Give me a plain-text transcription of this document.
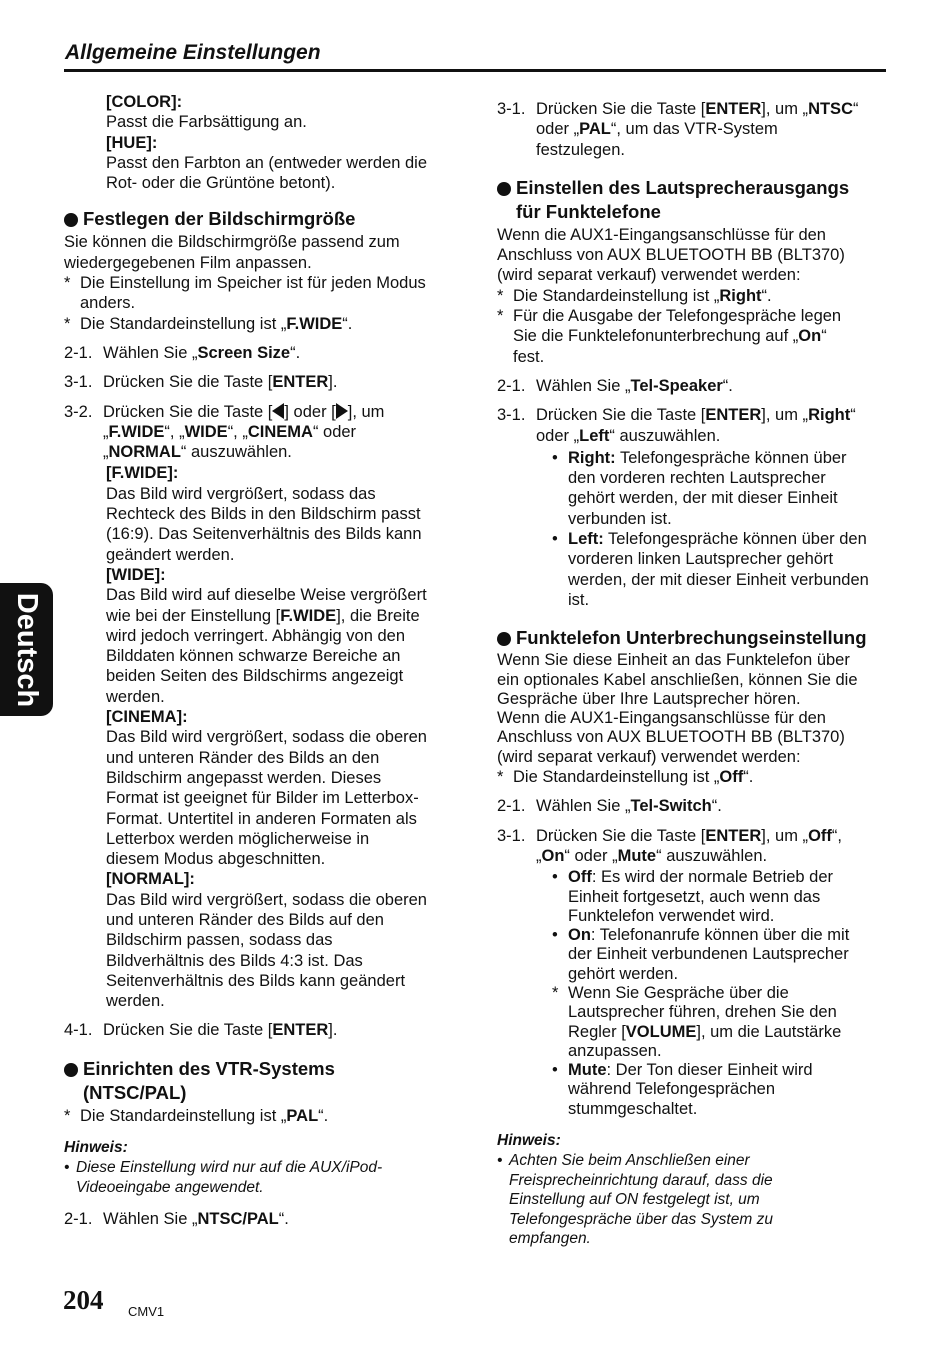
Allgemeine Einstellungen
Deutsch
[COLOR]:
Passt die Farbsättigung an.
[HUE]:
Passt den Farbton an (entweder werden die
Rot- oder die Grüntöne betont).
Festlegen der Bildschirmgröße
Sie können die Bildschirmgröße passend zum
wiedergegebenen Film anpassen.
* Die Einstellung im Speicher ist für jeden Modus
anders.
* Die Standardeinstellung ist „F.WIDE“.
2-1. Wählen Sie „Screen Size“.
3-1. Drücken Sie die Taste [ENTER].
3-2. Drücken Sie die Taste [ ] oder [ ], um
„F.WIDE“, „WIDE“, „CINEMA“ oder
„NORMAL“ auszuwählen.
[F.WIDE]:
Das Bild wird vergrößert, sodass das
Rechteck des Bilds in den Bildschirm passt
(16:9). Das Seitenverhältnis des Bilds kann
geändert werden.
[WIDE]:
Das Bild wird auf dieselbe Weise vergrößert
wie bei der Einstellung [F.WIDE], die Breite
wird jedoch verringert. Abhängig von den
Bilddaten können schwarze Bereiche an
beiden Seiten des Bildschirms angezeigt
werden.
[CINEMA]:
Das Bild wird vergrößert, sodass die oberen
und unteren Ränder des Bilds an den
Bildschirm angepasst werden. Dieses
Format ist geeignet für Bilder im Letterbox-
Format. Untertitel in anderen Formaten als
Letterbox werden möglicherweise in
diesem Modus abgeschnitten.
[NORMAL]:
Das Bild wird vergrößert, sodass die oberen
und unteren Ränder des Bilds auf den
Bildschirm passen, sodass das
Bildverhältnis des Bilds 4:3 ist. Das
Seitenverhältnis des Bilds kann geändert
werden.
4-1. Drücken Sie die Taste [ENTER].
Einrichten des VTR-Systems
(NTSC/PAL)
* Die Standardeinstellung ist „PAL“.
Hinweis:
• Diese Einstellung wird nur auf die AUX/iPod-
Videoeingabe angewendet.
2-1. Wählen Sie „NTSC/PAL“.
3-1. Drücken Sie die Taste [ENTER], um „NTSC“
oder „PAL“, um das VTR-System
festzulegen.
Einstellen des Lautsprecherausgangs
für Funktelefone
Wenn die AUX1-Eingangsanschlüsse für den
Anschluss von AUX BLUETOOTH BB (BLT370)
(wird separat verkauf) verwendet werden:
* Die Standardeinstellung ist „Right“.
* Für die Ausgabe der Telefongespräche legen
Sie die Funktelefonunterbrechung auf „On“
fest.
2-1. Wählen Sie „Tel-Speaker“.
3-1. Drücken Sie die Taste [ENTER], um „Right“
oder „Left“ auszuwählen.
• Right: Telefongespräche können über
den vorderen rechten Lautsprecher
gehört werden, der mit dieser Einheit
verbunden ist.
• Left: Telefongespräche können über den
vorderen linken Lautsprecher gehört
werden, der mit dieser Einheit verbunden
ist.
Funktelefon Unterbrechungseinstellung
Wenn Sie diese Einheit an das Funktelefon über
ein optionales Kabel anschließen, können Sie die
Gespräche über Ihre Lautsprecher hören.
Wenn die AUX1-Eingangsanschlüsse für den
Anschluss von AUX BLUETOOTH BB (BLT370)
(wird separat verkauf) verwendet werden:
* Die Standardeinstellung ist „Off“.
2-1. Wählen Sie „Tel-Switch“.
3-1. Drücken Sie die Taste [ENTER], um „Off“,
„On“ oder „Mute“ auszuwählen.
• Off: Es wird der normale Betrieb der
Einheit fortgesetzt, auch wenn das
Funktelefon verwendet wird.
• On: Telefonanrufe können über die mit
der Einheit verbundenen Lautsprecher
gehört werden.
* Wenn Sie Gespräche über die
Lautsprecher führen, drehen Sie den
Regler [VOLUME], um die Lautstärke
anzupassen.
• Mute: Der Ton dieser Einheit wird
während Telefongesprächen
stummgeschaltet.
Hinweis:
• Achten Sie beim Anschließen einer
Freisprecheinrichtung darauf, dass die
Einstellung auf ON festgelegt ist, um
Telefongespräche über das System zu
empfangen.
204 CMV1
